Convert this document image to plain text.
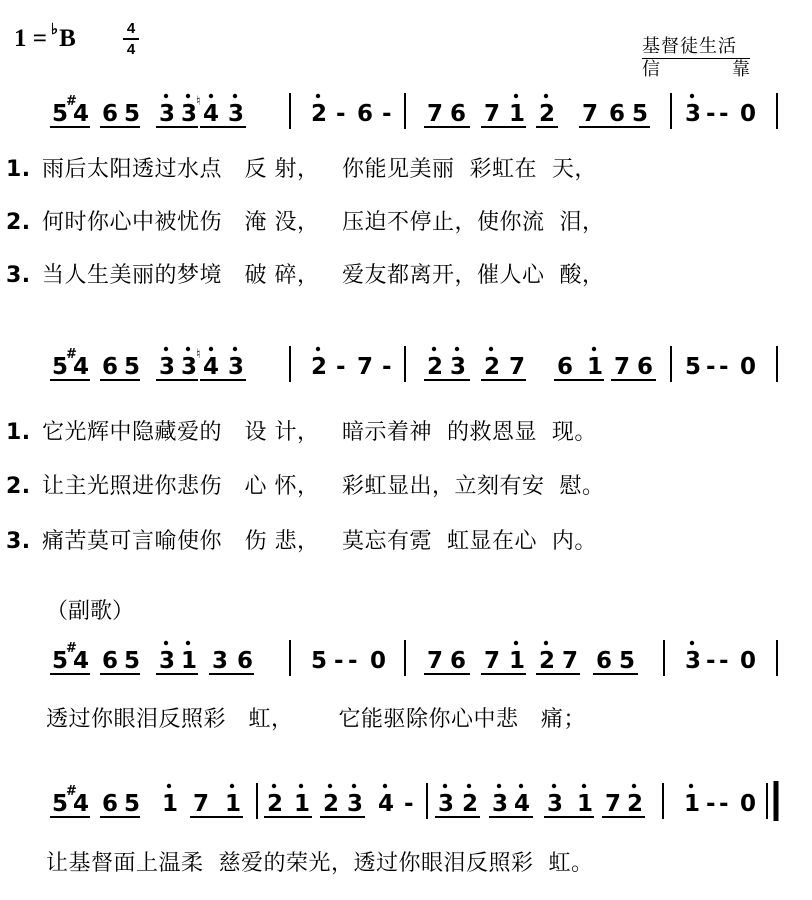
1 = ♭B	4
4	基督徒生活
信	靠
5
#
4 6 5 3 3
♮ 4 3	2 - 6 - 7 6 7 1 2 7 6 5 3 - - 0
1. 雨后太阳透过水点   反 射，   你能见美丽  彩虹在  天，
2. 何时你心中被忧伤   淹 没，   压迫不停止，使你流  泪，
3. 当人生美丽的梦境   破 碎，   爱友都离开，催人心  酸，
5
#
4 6 5 3 3
♮ 4 3	2 - 7 - 2 3 2 7 6 1 7 6 5 - - 0
1. 它光辉中隐藏爱的   设 计，   暗示着神  的救恩显  现。
2. 让主光照进你悲伤   心 怀，   彩虹显出，立刻有安  慰。
3. 痛苦莫可言喻使你   伤 悲，   莫忘有霓  虹显在心  内。
（副歌）
5
#
4 6 5 3 1 3 6	5 - - 0 7 6 7 1 2 7 6 5 3 - - 0
透过你眼泪反照彩   虹，      它能驱除你心中悲   痛；
5
#
4 6 5 1 7 1 2 1 2 3 4 - 3 2 3 4 3 1 7 2 1 - - 0
让基督面上温柔  慈爱的荣光，透过你眼泪反照彩  虹。
